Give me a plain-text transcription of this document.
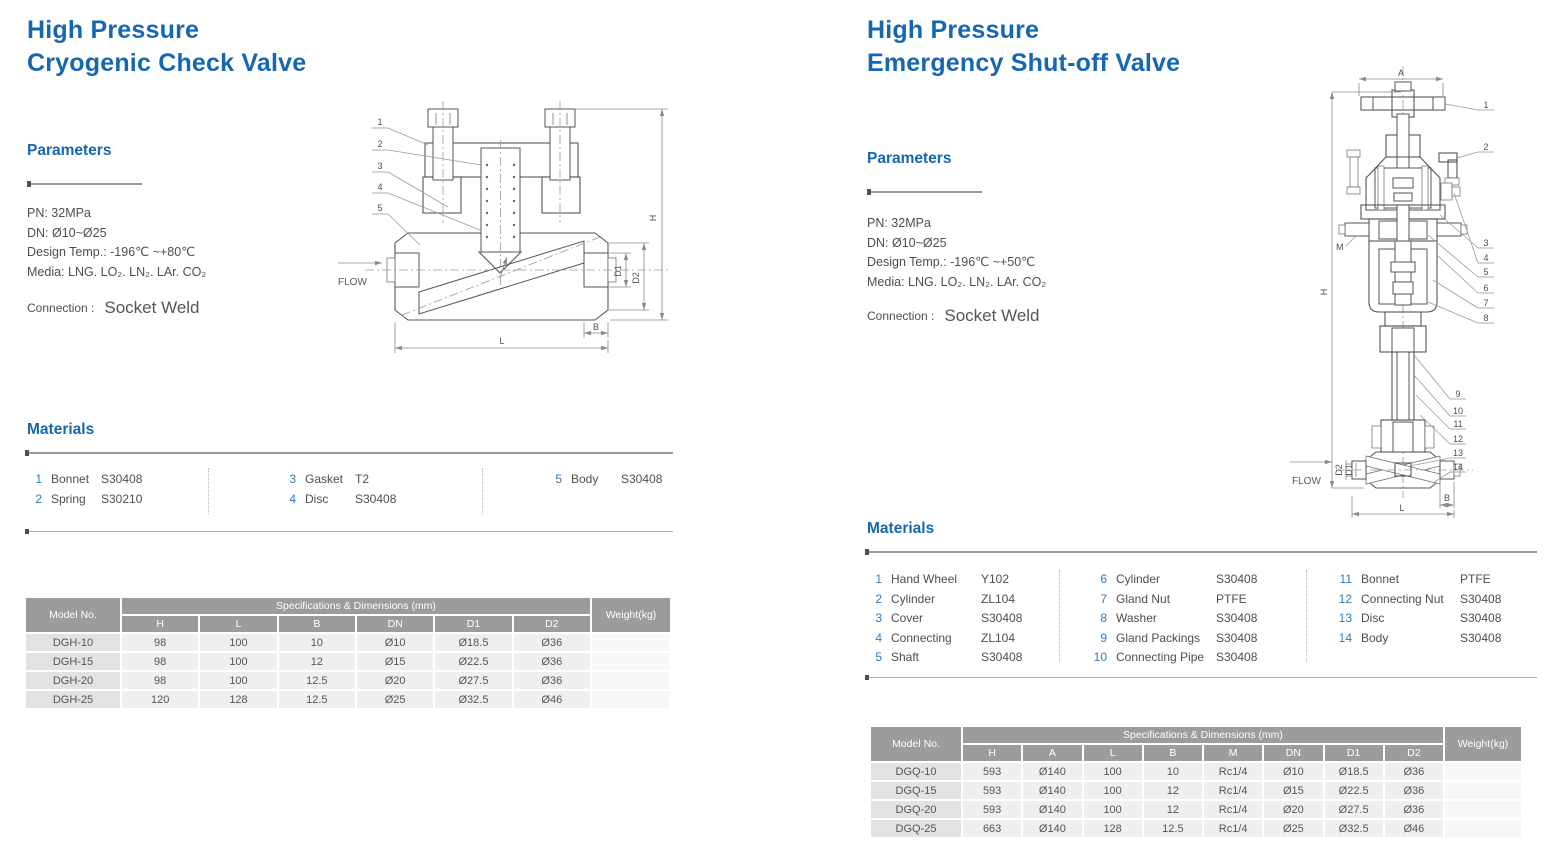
High Pressure
Cryogenic Check Valve
Parameters
PN: 32MPa
DN: Ø10~Ø25
Design Temp.: -196℃ ~+80℃
Media: LNG. LO₂. LN₂. LAr. CO₂
Connection : Socket Weld
FLOW
1
2
3
4
5
H
D1
D2
B
L
Materials
1 Bonnet S30408
2 Spring S30210
3 Gasket T2
4 Disc S30408
5 Body S30408
Model No.	Specifications & Dimensions (mm)						Weight(kg)
	H	L	B	DN	D1	D2	
DGH-10	98	100	10	Ø10	Ø18.5	Ø36	
DGH-15	98	100	12	Ø15	Ø22.5	Ø36	
DGH-20	98	100	12.5	Ø20	Ø27.5	Ø36	
DGH-25	120	128	12.5	Ø25	Ø32.5	Ø46	
High Pressure
Emergency Shut-off Valve
Parameters
PN: 32MPa
DN: Ø10~Ø25
Design Temp.: -196℃ ~+50℃
Media: LNG. LO₂. LN₂. LAr. CO₂
Connection : Socket Weld
FLOW
1
2
3
4
5
6
7
8
9
10
11
12
13
14
A
H
M
D2 D1
B
L
Materials
1 Hand Wheel Y102
2 Cylinder	ZL104
3 Cover	S30408
4 Connecting ZL104
5 Shaft	S30408
6 Cylinder	S30408
7 Gland Nut	PTFE
8 Washer	S30408
9 Gland Packings S30408
10 Connecting Pipe S30408
11 Bonnet	PTFE
12 Connecting Nut S30408
13 Disc	S30408
14 Body	S30408
Model No.	Specifications & Dimensions (mm)								Weight(kg)
	H	A	L	B	M	DN	D1	D2	
DGQ-10	593	Ø140	100	10	Rc1/4	Ø10	Ø18.5	Ø36	
DGQ-15	593	Ø140	100	12	Rc1/4	Ø15	Ø22.5	Ø36	
DGQ-20	593	Ø140	100	12	Rc1/4	Ø20	Ø27.5	Ø36	
DGQ-25	663	Ø140	128	12.5	Rc1/4	Ø25	Ø32.5	Ø46	
